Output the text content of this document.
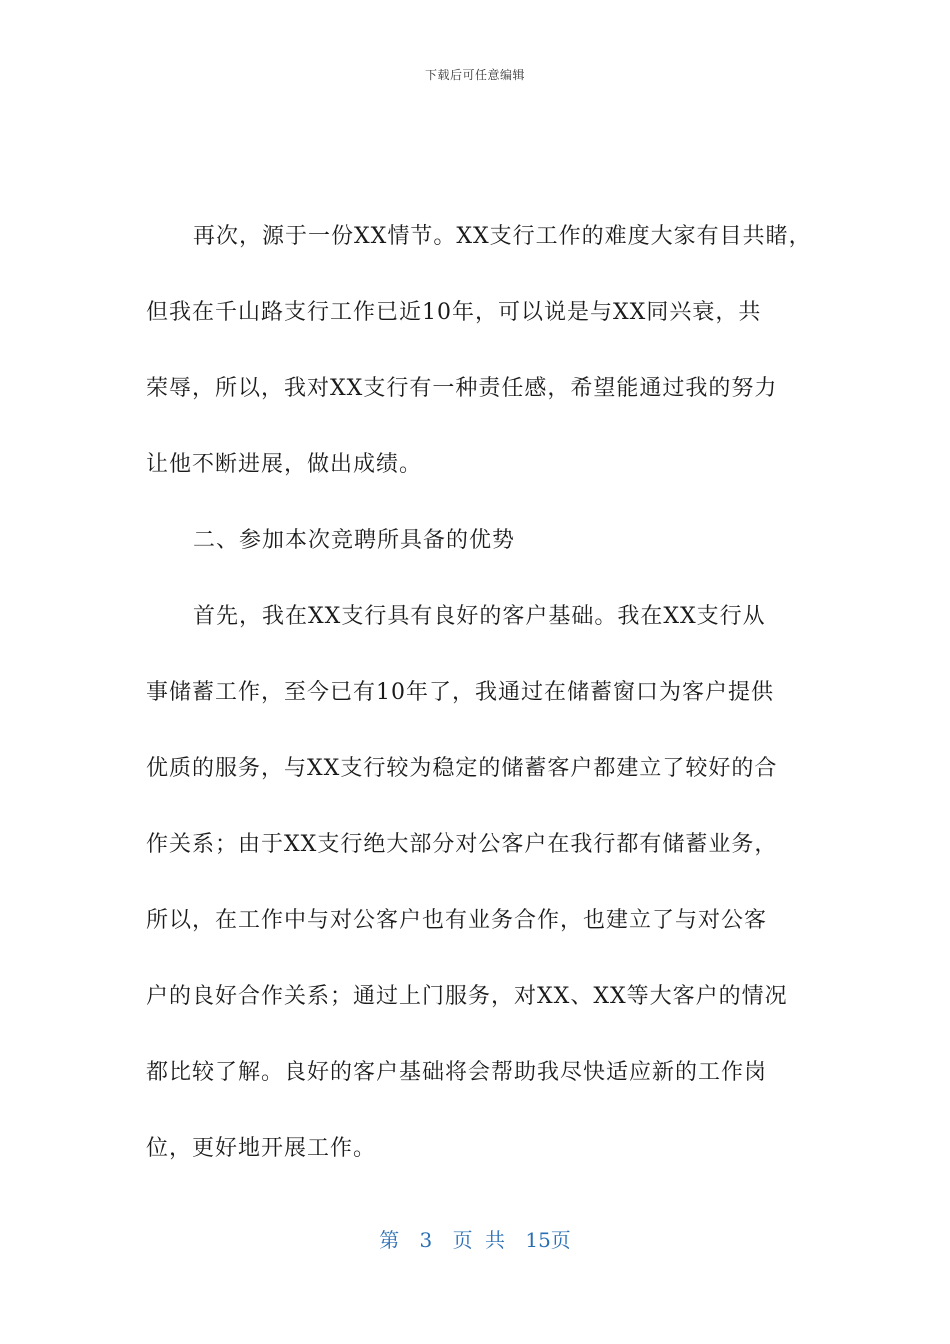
下载后可任意编辑
再次，源于一份XX情节。XX支行工作的难度大家有目共睹，
但我在千山路支行工作已近10年，可以说是与XX同兴衰，共
荣辱，所以，我对XX支行有一种责任感，希望能通过我的努力
让他不断进展，做出成绩。
二、参加本次竞聘所具备的优势
首先，我在XX支行具有良好的客户基础。我在XX支行从
事储蓄工作，至今已有10年了，我通过在储蓄窗口为客户提供
优质的服务，与XX支行较为稳定的储蓄客户都建立了较好的合
作关系；由于XX支行绝大部分对公客户在我行都有储蓄业务，
所以，在工作中与对公客户也有业务合作，也建立了与对公客
户的良好合作关系；通过上门服务，对XX、XX等大客户的情况
都比较了解。良好的客户基础将会帮助我尽快适应新的工作岗
位，更好地开展工作。
第 3 页 共 15页
